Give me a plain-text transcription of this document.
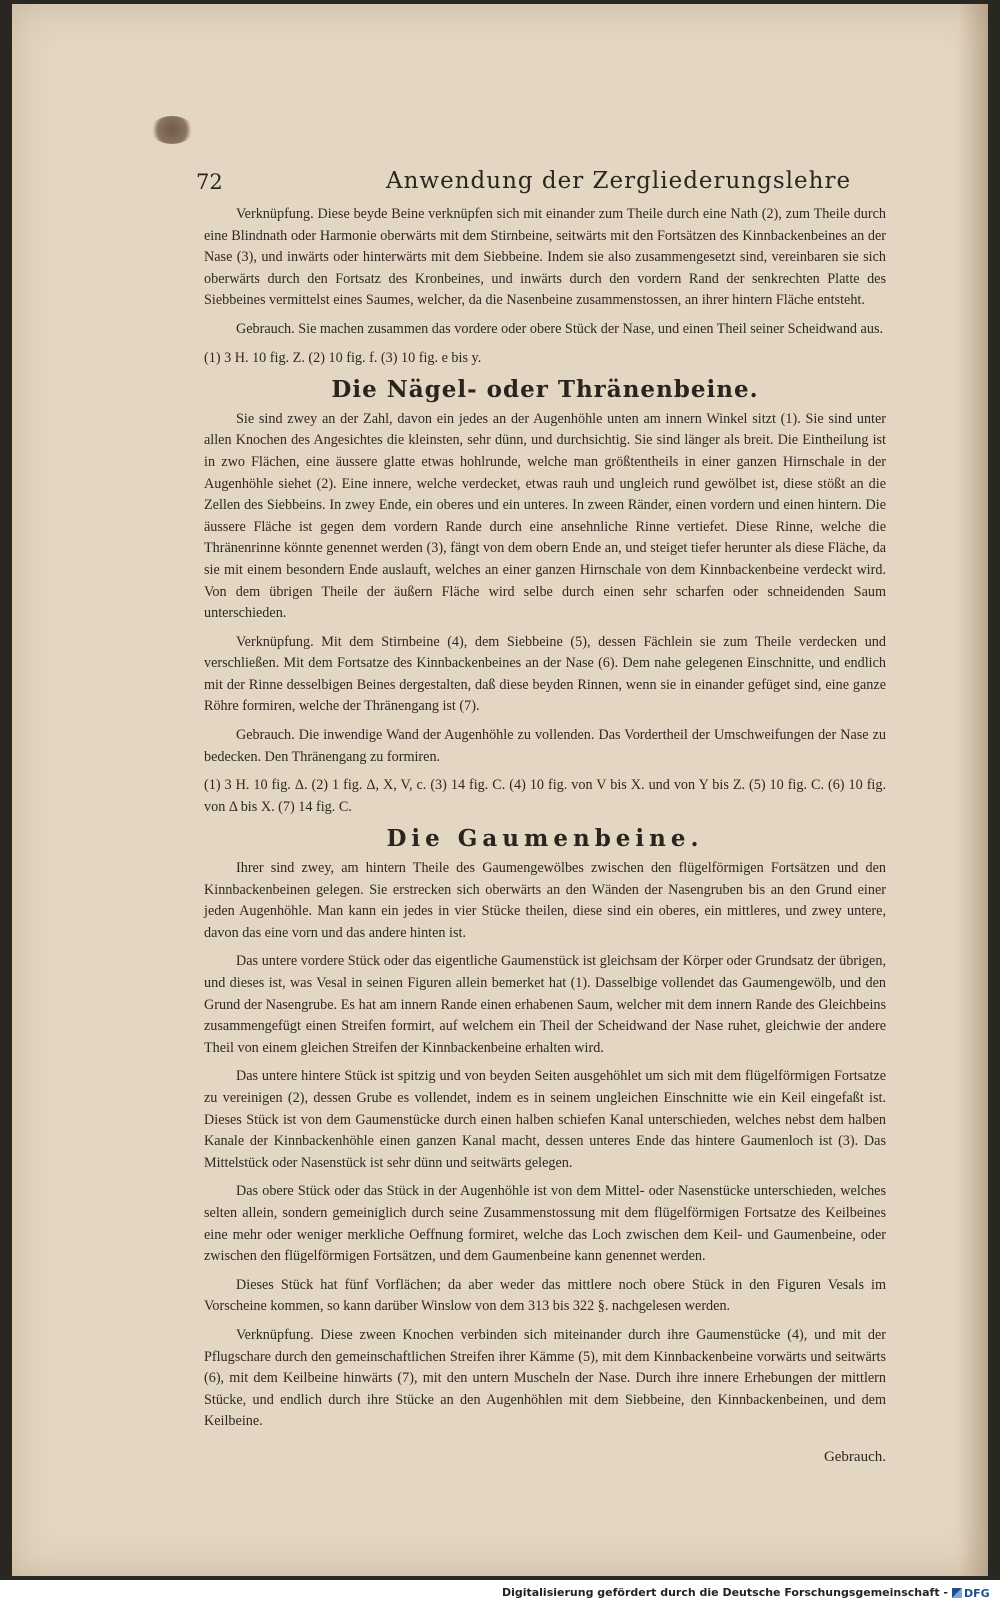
72	Anwendung der Zergliederungslehre

Verknüpfung. Diese beyde Beine verknüpfen sich mit einander zum Theile durch eine Nath (2), zum Theile durch eine Blindnath oder Harmonie oberwärts mit dem Stirnbeine, seitwärts mit den Fortsätzen des Kinnbackenbeines an der Nase (3), und inwärts oder hinterwärts mit dem Siebbeine. Indem sie also zusammengesetzt sind, vereinbaren sie sich oberwärts durch den Fortsatz des Kronbeines, und inwärts durch den vordern Rand der senkrechten Platte des Siebbeines vermittelst eines Saumes, welcher, da die Nasenbeine zusammenstossen, an ihrer hintern Fläche entsteht.

Gebrauch. Sie machen zusammen das vordere oder obere Stück der Nase, und einen Theil seiner Scheidwand aus.

(1) 3 H. 10 fig. Z. (2) 10 fig. f. (3) 10 fig. e bis y.

Die Nägel- oder Thränenbeine.

Sie sind zwey an der Zahl, davon ein jedes an der Augenhöhle unten am innern Winkel sitzt (1). Sie sind unter allen Knochen des Angesichtes die kleinsten, sehr dünn, und durchsichtig. Sie sind länger als breit. Die Eintheilung ist in zwo Flächen, eine äussere glatte etwas hohlrunde, welche man größtentheils in einer ganzen Hirnschale in der Augenhöhle siehet (2). Eine innere, welche verdecket, etwas rauh und ungleich rund gewölbet ist, diese stößt an die Zellen des Siebbeins. In zwey Ende, ein oberes und ein unteres. In zween Ränder, einen vordern und einen hintern. Die äussere Fläche ist gegen dem vordern Rande durch eine ansehnliche Rinne vertiefet. Diese Rinne, welche die Thränenrinne könnte genennet werden (3), fängt von dem obern Ende an, und steiget tiefer herunter als diese Fläche, da sie mit einem besondern Ende auslauft, welches an einer ganzen Hirnschale von dem Kinnbackenbeine verdeckt wird. Von dem übrigen Theile der äußern Fläche wird selbe durch einen sehr scharfen oder schneidenden Saum unterschieden.

Verknüpfung. Mit dem Stirnbeine (4), dem Siebbeine (5), dessen Fächlein sie zum Theile verdecken und verschließen. Mit dem Fortsatze des Kinnbackenbeines an der Nase (6). Dem nahe gelegenen Einschnitte, und endlich mit der Rinne desselbigen Beines dergestalten, daß diese beyden Rinnen, wenn sie in einander gefüget sind, eine ganze Röhre formiren, welche der Thränengang ist (7).

Gebrauch. Die inwendige Wand der Augenhöhle zu vollenden. Das Vordertheil der Umschweifungen der Nase zu bedecken. Den Thränengang zu formiren.

(1) 3 H. 10 fig. Δ. (2) 1 fig. Δ, X, V, c. (3) 14 fig. C. (4) 10 fig. von V bis X. und von Y bis Z. (5) 10 fig. C. (6) 10 fig. von Δ bis X. (7) 14 fig. C.

Die Gaumenbeine.

Ihrer sind zwey, am hintern Theile des Gaumengewölbes zwischen den flügelförmigen Fortsätzen und den Kinnbackenbeinen gelegen. Sie erstrecken sich oberwärts an den Wänden der Nasengruben bis an den Grund einer jeden Augenhöhle. Man kann ein jedes in vier Stücke theilen, diese sind ein oberes, ein mittleres, und zwey untere, davon das eine vorn und das andere hinten ist.

Das untere vordere Stück oder das eigentliche Gaumenstück ist gleichsam der Körper oder Grundsatz der übrigen, und dieses ist, was Vesal in seinen Figuren allein bemerket hat (1). Dasselbige vollendet das Gaumengewölb, und den Grund der Nasengrube. Es hat am innern Rande einen erhabenen Saum, welcher mit dem innern Rande des Gleichbeins zusammengefügt einen Streifen formirt, auf welchem ein Theil der Scheidwand der Nase ruhet, gleichwie der andere Theil von einem gleichen Streifen der Kinnbackenbeine erhalten wird.

Das untere hintere Stück ist spitzig und von beyden Seiten ausgehöhlet um sich mit dem flügelförmigen Fortsatze zu vereinigen (2), dessen Grube es vollendet, indem es in seinem ungleichen Einschnitte wie ein Keil eingefaßt ist. Dieses Stück ist von dem Gaumenstücke durch einen halben schiefen Kanal unterschieden, welches nebst dem halben Kanale der Kinnbackenhöhle einen ganzen Kanal macht, dessen unteres Ende das hintere Gaumenloch ist (3). Das Mittelstück oder Nasenstück ist sehr dünn und seitwärts gelegen.

Das obere Stück oder das Stück in der Augenhöhle ist von dem Mittel- oder Nasenstücke unterschieden, welches selten allein, sondern gemeiniglich durch seine Zusammenstossung mit dem flügelförmigen Fortsatze des Keilbeines eine mehr oder weniger merkliche Oeffnung formiret, welche das Loch zwischen dem Keil- und Gaumenbeine, oder zwischen den flügelförmigen Fortsätzen, und dem Gaumenbeine kann genennet werden.

Dieses Stück hat fünf Vorflächen; da aber weder das mittlere noch obere Stück in den Figuren Vesals im Vorscheine kommen, so kann darüber Winslow von dem 313 bis 322 §. nachgelesen werden.

Verknüpfung. Diese zween Knochen verbinden sich miteinander durch ihre Gaumenstücke (4), und mit der Pflugschare durch den gemeinschaftlichen Streifen ihrer Kämme (5), mit dem Kinnbackenbeine vorwärts und seitwärts (6), mit dem Keilbeine hinwärts (7), mit den untern Muscheln der Nase. Durch ihre innere Erhebungen der mittlern Stücke, und endlich durch ihre Stücke an den Augenhöhlen mit dem Siebbeine, den Kinnbackenbeinen, und dem Keilbeine.

Gebrauch.
Digitalisierung gefördert durch die Deutsche Forschungsgemeinschaft - DFG
